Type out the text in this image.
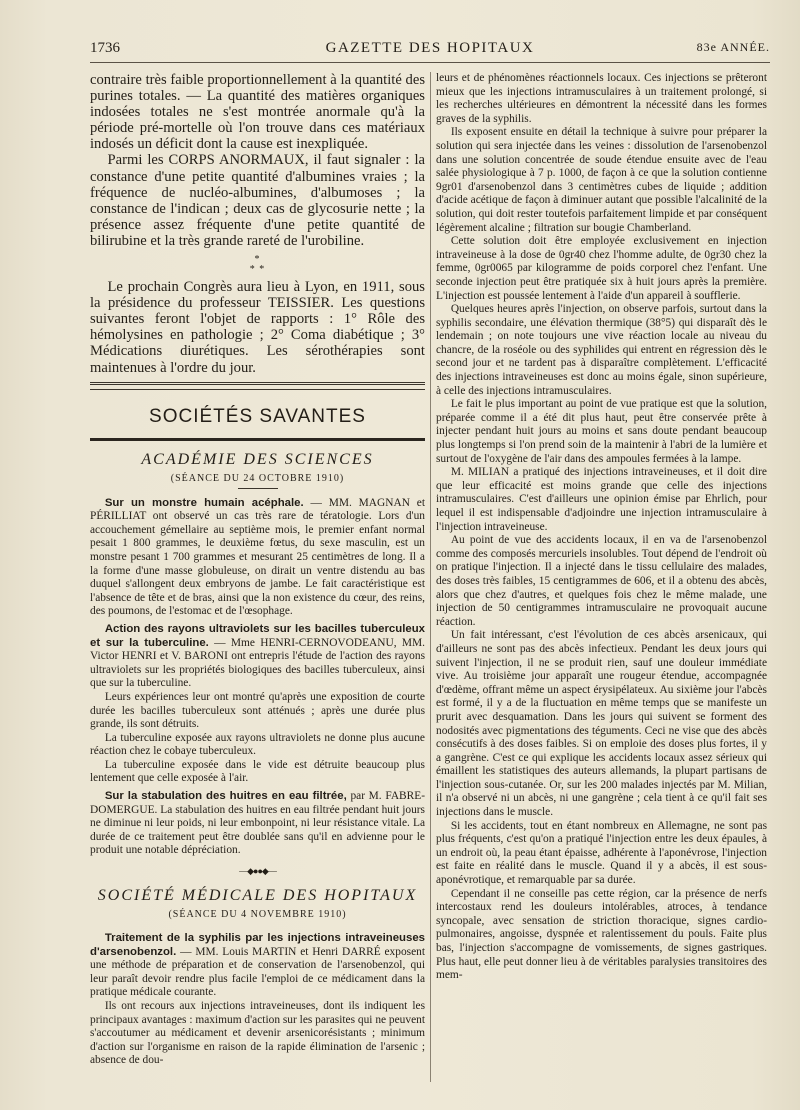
1736	GAZETTE DES HOPITAUX	83e ANNÉE.

contraire très faible proportionnellement à la quantité des purines totales. — La quantité des matières organiques indosées totales ne s'est montrée anormale qu'à la période pré-mortelle où l'on trouve dans ces matériaux indosés un déficit dont la cause est inexpliquée.

Parmi les CORPS ANORMAUX, il faut signaler : la constance d'une petite quantité d'albumines vraies ; la fréquence de nucléo-albumines, d'albumoses ; la constance de l'indican ; deux cas de glycosurie nette ; la présence assez fréquente d'une petite quantité de bilirubine et la très grande rareté de l'urobiline.

*
* *

Le prochain Congrès aura lieu à Lyon, en 1911, sous la présidence du professeur TEISSIER. Les questions suivantes feront l'objet de rapports : 1° Rôle des hémolysines en pathologie ; 2° Coma diabétique ; 3° Médications diurétiques. Les sérothérapies sont maintenues à l'ordre du jour.

SOCIÉTÉS SAVANTES
ACADÉMIE DES SCIENCES
(SÉANCE DU 24 OCTOBRE 1910)

Sur un monstre humain acéphale. — MM. MAGNAN et PÉRILLIAT ont observé un cas très rare de tératologie. Lors d'un accouchement gémellaire au septième mois, le premier enfant normal pesait 1 800 grammes, le deuxième fœtus, du sexe masculin, est un monstre pesant 1 700 grammes et mesurant 25 centimètres de long. Il a la forme d'une masse globuleuse, on dirait un ventre distendu au bas duquel s'allongent deux embryons de jambe. Le fait caractéristique est l'absence de tête et de bras, ainsi que la non existence du cœur, des reins, des poumons, de l'estomac et de l'œsophage.

Action des rayons ultraviolets sur les bacilles tuberculeux et sur la tuberculine. — Mme HENRI-CERNOVODEANU, MM. Victor HENRI et V. BARONI ont entrepris l'étude de l'action des rayons ultraviolets sur les propriétés biologiques des bacilles tuberculeux, ainsi que sur la tuberculine.

Leurs expériences leur ont montré qu'après une exposition de courte durée les bacilles tuberculeux sont atténués ; après une durée plus grande, ils sont détruits.

La tuberculine exposée aux rayons ultraviolets ne donne plus aucune réaction chez le cobaye tuberculeux.

La tuberculine exposée dans le vide est détruite beaucoup plus lentement que celle exposée à l'air.

Sur la stabulation des huitres en eau filtrée, par M. FABRE-DOMERGUE. La stabulation des huitres en eau filtrée pendant huit jours ne diminue ni leur poids, ni leur embonpoint, ni leur résistance vitale. La durée de ce traitement peut être doublée sans qu'il en advienne pour le produit une notable dépréciation.

—◆●●◆—
SOCIÉTÉ MÉDICALE DES HOPITAUX
(SÉANCE DU 4 NOVEMBRE 1910)

Traitement de la syphilis par les injections intraveineuses d'arsenobenzol. — MM. Louis MARTIN et Henri DARRÉ exposent une méthode de préparation et de conservation de l'arsenobenzol, qui leur paraît devoir rendre plus facile l'emploi de ce médicament dans la pratique médicale courante.

Ils ont recours aux injections intraveineuses, dont ils indiquent les principaux avantages : maximum d'action sur les parasites qui ne peuvent s'accoutumer au médicament et devenir arsenicorésistants ; minimum d'action sur l'organisme en raison de la rapide élimination de l'arsenic ; absence de dou-

leurs et de phénomènes réactionnels locaux. Ces injections se prêteront mieux que les injections intramusculaires à un traitement prolongé, si les recherches ultérieures en démontrent la nécessité dans les formes graves de la syphilis.

Ils exposent ensuite en détail la technique à suivre pour préparer la solution qui sera injectée dans les veines : dissolution de l'arsenobenzol dans une solution concentrée de soude étendue ensuite avec de l'eau salée physiologique à 7 p. 1000, de façon à ce que la solution contienne 9gr01 d'arsenobenzol dans 3 centimètres cubes de liquide ; addition d'acide acétique de façon à diminuer autant que possible l'alcalinité de la solution, qui doit rester toutefois parfaitement limpide et par conséquent légèrement alcaline ; filtration sur bougie Chamberland.

Cette solution doit être employée exclusivement en injection intraveineuse à la dose de 0gr40 chez l'homme adulte, de 0gr30 chez la femme, 0gr0065 par kilogramme de poids corporel chez l'enfant. Une seconde injection peut être pratiquée six à huit jours après la première. L'injection est poussée lentement à l'aide d'un appareil à soufflerie.

Quelques heures après l'injection, on observe parfois, surtout dans la syphilis secondaire, une élévation thermique (38°5) qui disparaît dès le lendemain ; on note toujours une vive réaction locale au niveau du chancre, de la roséole ou des syphilides qui entrent en régression dès le second jour et ne tardent pas à disparaître complètement. L'efficacité des injections intraveineuses est donc au moins égale, sinon supérieure, à celle des injections intramusculaires.

Le fait le plus important au point de vue pratique est que la solution, préparée comme il a été dit plus haut, peut être conservée prête à injecter pendant huit jours au moins et sans doute pendant beaucoup plus longtemps si l'on prend soin de la maintenir à l'abri de la lumière et surtout de l'oxygène de l'air dans des ampoules fermées à la lampe.

M. MILIAN a pratiqué des injections intraveineuses, et il doit dire que leur efficacité est moins grande que celle des injections intramusculaires. C'est d'ailleurs une opinion émise par Ehrlich, pour lequel il est indispensable d'adjoindre une injection intramusculaire à l'injection intraveineuse.

Au point de vue des accidents locaux, il en va de l'arsenobenzol comme des composés mercuriels insolubles. Tout dépend de l'endroit où on pratique l'injection. Il a injecté dans le tissu cellulaire des malades, des doses très faibles, 15 centigrammes de 606, et il a obtenu des abcès, alors que chez d'autres, et quelques fois chez le même malade, une injection de 50 centigrammes intramusculaire ne provoquait aucune réaction.

Un fait intéressant, c'est l'évolution de ces abcès arsenicaux, qui d'ailleurs ne sont pas des abcès infectieux. Pendant les deux jours qui suivent l'injection, il ne se produit rien, sauf une douleur immédiate vive. Au troisième jour apparaît une rougeur étendue, accompagnée d'œdème, offrant même un aspect érysipélateux. Au sixième jour l'abcès est formé, il y a de la fluctuation en même temps que se manifeste un prurit avec desquamation. Dans les jours qui suivent se forment des nodosités avec pigmentations des téguments. Ceci ne vise que des abcès consécutifs à des doses faibles. Si on emploie des doses plus fortes, il y a gangrène. C'est ce qui explique les accidents locaux assez sérieux qui émaillent les statistiques des auteurs allemands, la plupart partisans de l'injection sous-cutanée. Or, sur les 200 malades injectés par M. Milian, il n'a observé ni un abcès, ni une gangrène ; cela tient à ce qu'il fait ses injections dans le muscle.

Si les accidents, tout en étant nombreux en Allemagne, ne sont pas plus fréquents, c'est qu'on a pratiqué l'injection entre les deux épaules, à un endroit où, la peau étant épaisse, adhérente à l'aponévrose, l'injection est faite en réalité dans le muscle. Quand il y a abcès, il est sous-aponévrotique, et remarquable par sa durée.

Cependant il ne conseille pas cette région, car la présence de nerfs intercostaux rend les douleurs intolérables, atroces, à tendance syncopale, avec sensation de striction thoracique, signes cardio-pulmonaires, angoisse, dyspnée et ralentissement du pouls. Faite plus bas, l'injection s'accompagne de vomissements, de signes gastriques. Plus haut, elle peut donner lieu à de véritables paralysies transitoires des mem-
